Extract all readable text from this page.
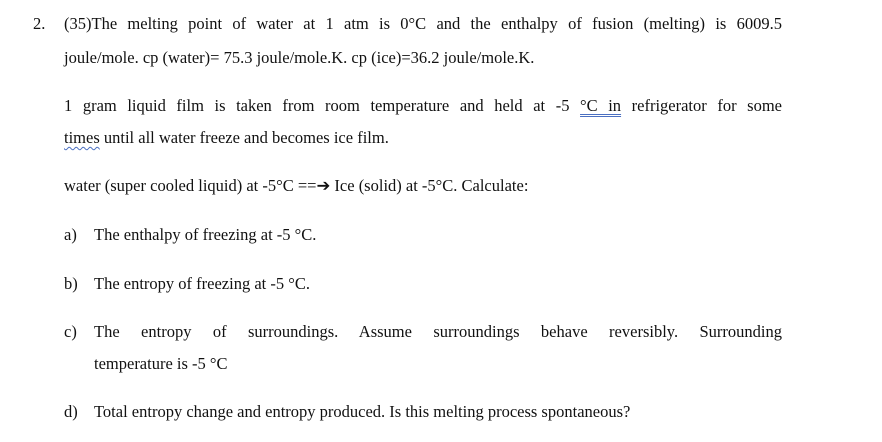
2. (35)The melting point of water at 1 atm is 0°C and the enthalpy of fusion (melting) is 6009.5
joule/mole. cp (water)= 75.3 joule/mole.K. cp (ice)=36.2 joule/mole.K.
1 gram liquid film is taken from room temperature and held at -5 °C in refrigerator for some
times until all water freeze and becomes ice film.
water (super cooled liquid) at -5°C ==➔ Ice (solid) at -5°C. Calculate:
a) The enthalpy of freezing at -5 °C.
b) The entropy of freezing at -5 °C.
c) The entropy of surroundings. Assume surroundings behave reversibly. Surrounding
temperature is -5 °C
d) Total entropy change and entropy produced. Is this melting process spontaneous?
